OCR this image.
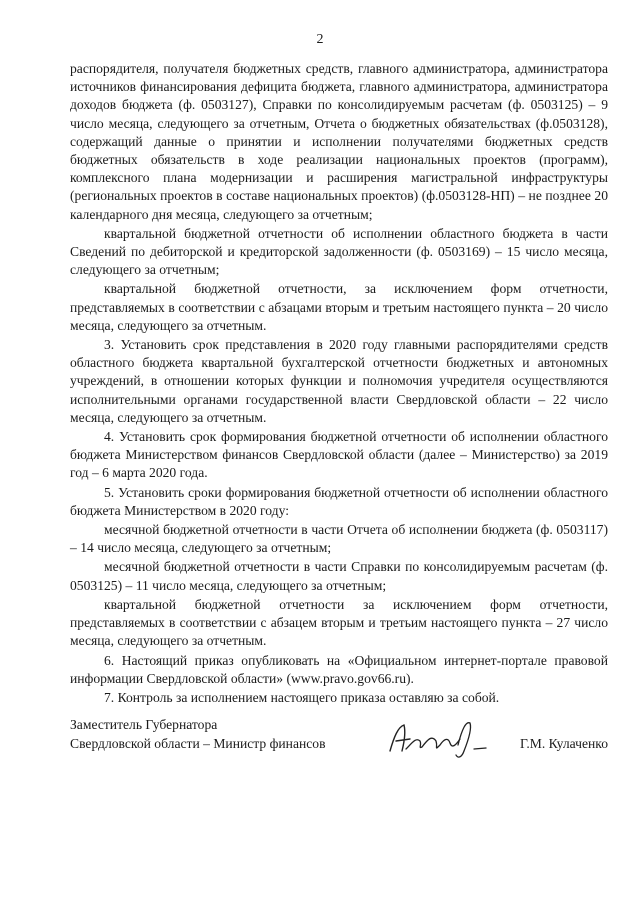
2

распорядителя, получателя бюджетных средств, главного администратора, администратора источников финансирования дефицита бюджета, главного администратора, администратора доходов бюджета (ф. 0503127), Справки по консолидируемым расчетам (ф. 0503125) – 9 число месяца, следующего за отчетным, Отчета о бюджетных обязательствах (ф.0503128), содержащий данные о принятии и исполнении получателями бюджетных средств бюджетных обязательств в ходе реализации национальных проектов (программ), комплексного плана модернизации и расширения магистральной инфраструктуры (региональных проектов в составе национальных проектов) (ф.0503128-НП) – не позднее 20 календарного дня месяца, следующего за отчетным;

квартальной бюджетной отчетности об исполнении областного бюджета в части Сведений по дебиторской и кредиторской задолженности (ф. 0503169) – 15 число месяца, следующего за отчетным;

квартальной бюджетной отчетности, за исключением форм отчетности, представляемых в соответствии с абзацами вторым и третьим настоящего пункта – 20 число месяца, следующего за отчетным.

3. Установить срок представления в 2020 году главными распорядителями средств областного бюджета квартальной бухгалтерской отчетности бюджетных и автономных учреждений, в отношении которых функции и полномочия учредителя осуществляются исполнительными органами государственной власти Свердловской области – 22 число месяца, следующего за отчетным.

4. Установить срок формирования бюджетной отчетности об исполнении областного бюджета Министерством финансов Свердловской области (далее – Министерство) за 2019 год – 6 марта 2020 года.

5. Установить сроки формирования бюджетной отчетности об исполнении областного бюджета Министерством в 2020 году:

месячной бюджетной отчетности в части Отчета об исполнении бюджета (ф. 0503117) – 14 число месяца, следующего за отчетным;

месячной бюджетной отчетности в части Справки по консолидируемым расчетам (ф. 0503125) – 11 число месяца, следующего за отчетным;

квартальной бюджетной отчетности за исключением форм отчетности, представляемых в соответствии с абзацем вторым и третьим настоящего пункта – 27 число месяца, следующего за отчетным.

6. Настоящий приказ опубликовать на «Официальном интернет-портале правовой информации Свердловской области» (www.pravo.gov66.ru).

7. Контроль за исполнением настоящего приказа оставляю за собой.

Заместитель Губернатора
Свердловской области – Министр финансов	Г.М. Кулаченко
